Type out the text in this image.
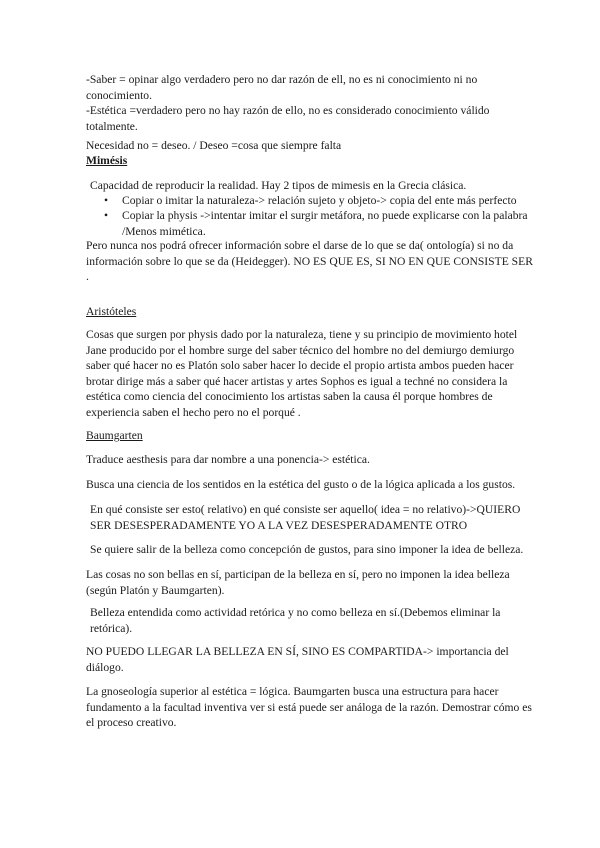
-Saber = opinar algo verdadero pero no dar razón de ell, no es ni conocimiento ni no conocimiento.

-Estética =verdadero pero no hay razón de ello, no es considerado conocimiento válido totalmente.

Necesidad no = deseo. / Deseo =cosa que siempre falta

Mimésis

Capacidad de reproducir la realidad. Hay 2 tipos de mimesis en la Grecia clásica.

• Copiar o imitar la naturaleza-> relación sujeto y objeto-> copia del ente más perfecto
• Copiar la physis ->intentar imitar el surgir metáfora, no puede explicarse con la palabra /Menos mimética.

Pero nunca nos podrá ofrecer información sobre el darse de lo que se da( ontología) si no da información sobre lo que se da (Heidegger). NO ES QUE ES, SI NO EN QUE CONSISTE SER .

Aristóteles

Cosas que surgen por physis dado por la naturaleza, tiene y su principio de movimiento hotel Jane producido por el hombre surge del saber técnico del hombre no del demiurgo demiurgo saber qué hacer no es Platón solo saber hacer lo decide el propio artista ambos pueden hacer brotar dirige más a saber qué hacer artistas y artes Sophos es igual a techné no considera la estética como ciencia del conocimiento los artistas saben la causa él porque hombres de experiencia saben el hecho pero no el porqué .

Baumgarten

Traduce aesthesis para dar nombre a una ponencia-> estética.

Busca una ciencia de los sentidos en la estética del gusto o de la lógica aplicada a los gustos.

En qué consiste ser esto( relativo) en qué consiste ser aquello( idea = no relativo)->QUIERO SER DESESPERADAMENTE YO A LA VEZ DESESPERADAMENTE OTRO

Se quiere salir de la belleza como concepción de gustos, para sino imponer la idea de belleza.

Las cosas no son bellas en sí, participan de la belleza en sí, pero no imponen la idea belleza (según Platón y Baumgarten).

Belleza entendida como actividad retórica y no como belleza en sí.(Debemos eliminar la retórica).

NO PUEDO LLEGAR LA BELLEZA EN SÍ, SINO ES COMPARTIDA-> importancia del diálogo.

La gnoseología superior al estética = lógica. Baumgarten busca una estructura para hacer fundamento a la facultad inventiva ver si está puede ser análoga de la razón. Demostrar cómo es el proceso creativo.
